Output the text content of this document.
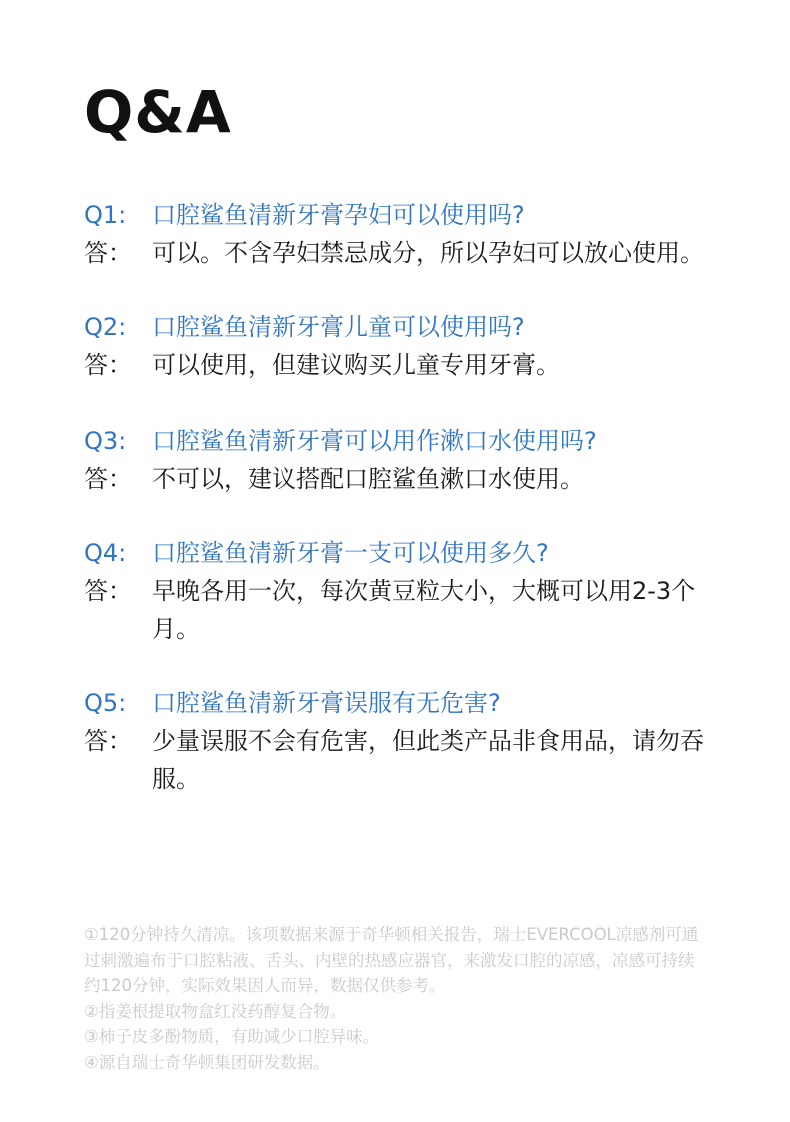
Q&A
Q1:	口腔鲨鱼清新牙膏孕妇可以使用吗?
答： 可以。不含孕妇禁忌成分，所以孕妇可以放心使用。
Q2:	口腔鲨鱼清新牙膏儿童可以使用吗?
答： 可以使用，但建议购买儿童专用牙膏。
Q3:	口腔鲨鱼清新牙膏可以用作漱口水使用吗?
答： 不可以，建议搭配口腔鲨鱼漱口水使用。
Q4:	口腔鲨鱼清新牙膏一支可以使用多久?
答： 早晚各用一次，每次黄豆粒大小，大概可以用2-3个月。
Q5:	口腔鲨鱼清新牙膏误服有无危害?
答： 少量误服不会有危害，但此类产品非食用品，请勿吞服。

①120分钟持久清凉。该项数据来源于奇华顿相关报告，瑞士EVERCOOL凉感剂可通过刺激遍布于口腔粘液、舌头、内壁的热感应器官，来激发口腔的凉感，凉感可持续约120分钟，实际效果因人而异，数据仅供参考。

②指姜根提取物盒红没药醇复合物。

③柿子皮多酚物质，有助减少口腔异味。

④源自瑞士奇华顿集团研发数据。
